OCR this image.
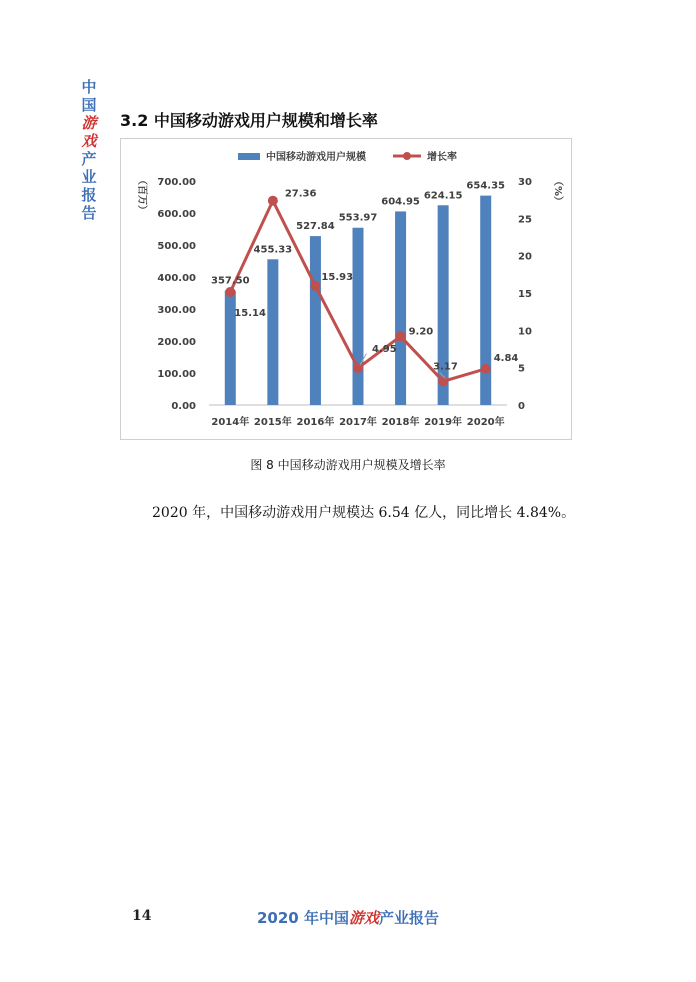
中
国
游
戏
产
业
报
告
3.2 中国移动游戏用户规模和增长率
0.00
100.00
200.00
300.00
400.00
500.00
600.00
700.00
0
5
10
15
20
25
30
（百万）	（%）
2014年 2015年 2016年 2017年 2018年 2019年 2020年
357.50
455.33
527.84
553.97
604.95
624.15
654.35
15.14
27.36
15.93
4.95
9.20
3.17
4.84
中国移动游戏用户规模	增长率
图 8 中国移动游戏用户规模及增长率
2020 年，中国移动游戏用户规模达 6.54 亿人，同比增长 4.84%。
14	2020 年中国游戏产业报告
